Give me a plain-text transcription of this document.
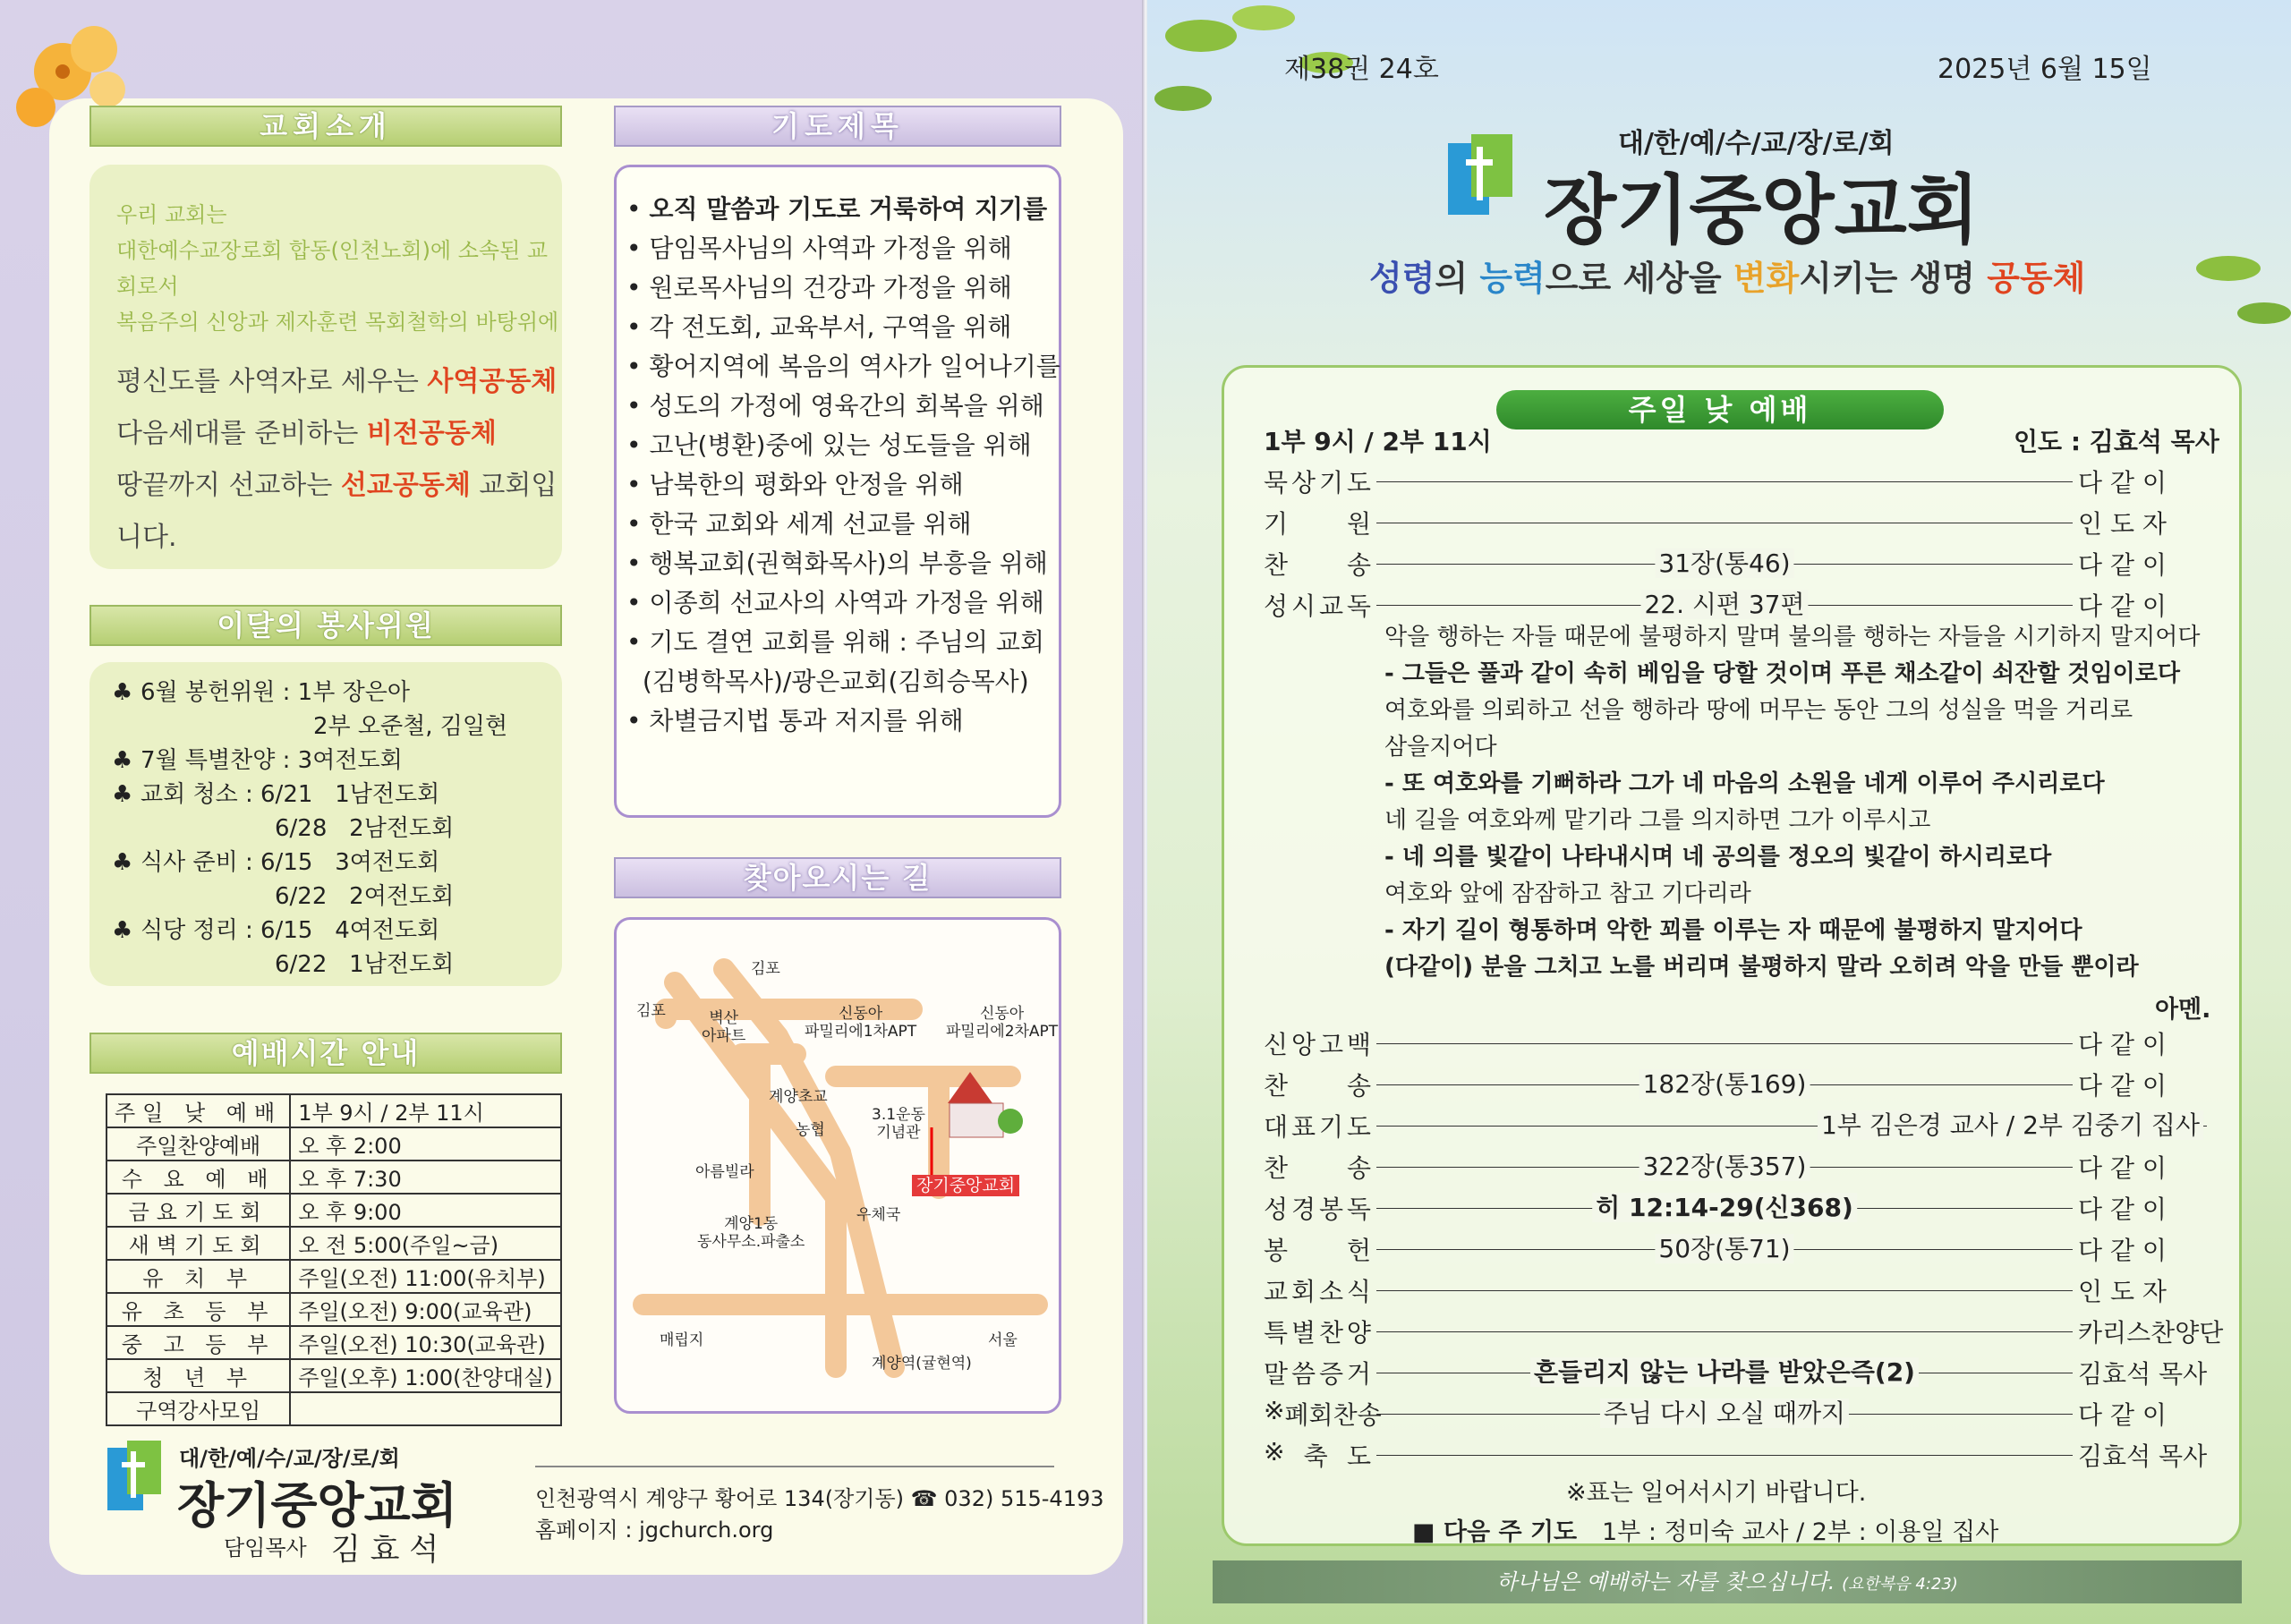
교회소개

우리 교회는

대한예수교장로회 합동(인천노회)에 소속된 교회로서

복음주의 신앙과 제자훈련 목회철학의 바탕위에

평신도를 사역자로 세우는 사역공동체

다음세대를 준비하는 비전공동체

땅끝까지 선교하는 선교공동체 교회입니다.

이달의 봉사위원
♣ 6월 봉헌위원 : 1부 장은아
2부 오준철, 김일현
♣ 7월 특별찬양 : 3여전도회
♣ 교회 청소 : 6/21   1남전도회
6/28   2남전도회
♣ 식사 준비 : 6/15   3여전도회
6/22   2여전도회
♣ 식당 정리 : 6/15   4여전도회
6/22   1남전도회
예배시간 안내
주일 낮 예배	1부 9시 / 2부 11시
주일찬양예배	오 후 2:00
수 요 예 배	오 후 7:30
금요기도회	오 후 9:00
새벽기도회	오 전 5:00(주일~금)
유 치 부	주일(오전) 11:00(유치부)
유 초 등 부	주일(오전) 9:00(교육관)
중 고 등 부	주일(오전) 10:30(교육관)
청 년 부	주일(오후) 1:00(찬양대실)
구역강사모임	
기도제목
• 오직 말씀과 기도로 거룩하여 지기를
• 담임목사님의 사역과 가정을 위해
• 원로목사님의 건강과 가정을 위해
• 각 전도회, 교육부서, 구역을 위해
• 황어지역에 복음의 역사가 일어나기를
• 성도의 가정에 영육간의 회복을 위해
• 고난(병환)중에 있는 성도들을 위해
• 남북한의 평화와 안정을 위해
• 한국 교회와 세계 선교를 위해
• 행복교회(권혁화목사)의 부흥을 위해
• 이종희 선교사의 사역과 가정을 위해
• 기도 결연 교회를 위해 : 주님의 교회
(김병학목사)/광은교회(김희승목사)
• 차별금지법 통과 저지를 위해
찾아오시는 길
김포
김포	벽산
아파트
신동아
파밀리에1차APT
신동아
파밀리에2차APT
계양초교
농협
3.1운동
기념관
장기중앙교회
아름빌라
우체국
계양1동
동사무소.파출소
매립지	서울
계양역(귤현역)
대/한/예/수/교/장/로/회
장기중앙교회
담임목사 김 효 석
인천광역시 계양구 황어로 134(장기동) ☎ 032) 515-4193
홈페이지 : jgchurch.org
제38권 24호	2025년 6월 15일
대/한/예/수/교/장/로/회
장기중앙교회
성령의 능력으로 세상을 변화시키는 생명 공동체
주일 낮 예배
1부 9시 / 2부 11시	인도 : 김효석 목사
묵 상 기 도	다 같 이
기 원	인 도 자
찬 송	31장(통46)	다 같 이
성 시 교 독	22. 시편 37편	다 같 이
악을 행하는 자들 때문에 불평하지 말며 불의를 행하는 자들을 시기하지 말지어다
- 그들은 풀과 같이 속히 베임을 당할 것이며 푸른 채소같이 쇠잔할 것임이로다
여호와를 의뢰하고 선을 행하라 땅에 머무는 동안 그의 성실을 먹을 거리로
삼을지어다
- 또 여호와를 기뻐하라 그가 네 마음의 소원을 네게 이루어 주시리로다
네 길을 여호와께 맡기라 그를 의지하면 그가 이루시고
- 네 의를 빛같이 나타내시며 네 공의를 정오의 빛같이 하시리로다
여호와 앞에 잠잠하고 참고 기다리라
- 자기 길이 형통하며 악한 꾀를 이루는 자 때문에 불평하지 말지어다
(다같이) 분을 그치고 노를 버리며 불평하지 말라 오히려 악을 만들 뿐이라
아멘.
신 앙 고 백	다 같 이
찬 송	182장(통169)	다 같 이
대 표 기 도	1부 김은경 교사 / 2부 김중기 집사
찬 송	322장(통357)	다 같 이
성 경 봉 독	히 12:14-29(신368)	다 같 이
봉 헌	50장(통71)	다 같 이
교 회 소 식	인 도 자
특 별 찬 양	카리스찬양단
말 씀 증 거	흔들리지 않는 나라를 받았은즉(2)	김효석 목사
※ 폐 회 찬 송	주님 다시 오실 때까지	다 같 이
※ 축 도	김효석 목사
※표는 일어서시기 바랍니다.
■ 다음 주 기도 1부 : 정미숙 교사 / 2부 : 이용일 집사
하나님은 예배하는 자를 찾으십니다. (요한복음 4:23)
